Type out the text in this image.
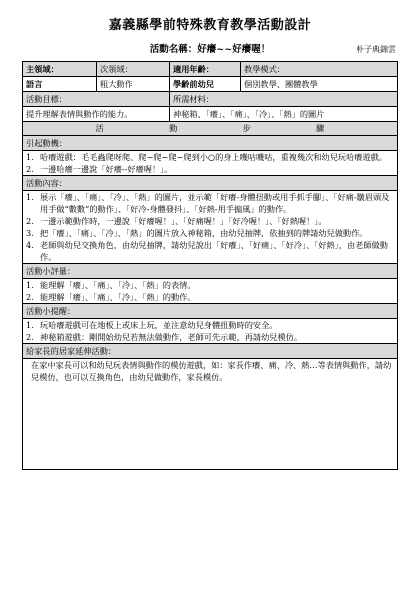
嘉義縣學前特殊教育教學活動設計
活動名稱：好癢~~好癢喔！	朴子典錦雲
主領域：	次領域：	適用年齡：	教學模式：
語言	粗大動作	學齡前幼兒	個別教學、團體教學
活動目標：	所需材料：
提升理解表情與動作的能力。	神秘箱、「癢」、「痛」、「冷」、「熱」的圖片
活	動	步	驟
引起動機：
1. 哈癢遊戲：毛毛蟲爬呀爬、爬~爬~爬~爬到小○的身上嘰咕嘰咕，重複幾次和幼兒玩哈癢遊戲。
2. 一邊哈癢一邊說「好癢--好癢喔！」。
活動內容：
1. 展示「癢」、「痛」、「冷」、「熱」的圖片，並示範「好癢-身體扭動或用手抓手腳」、「好痛-皺眉頭及用手做“數數”的動作」、「好冷-身體發抖」、「好熱-用手搧風」的動作。
2. 一邊示範動作時，一邊說「好癢喔！」、「好痛喔！」「好冷喔！」、「好熱喔！」。
3. 把「癢」、「痛」、「冷」、「熱」的圖片放入神秘箱，由幼兒抽牌，依抽到的牌請幼兒做動作。
4. 老師與幼兒交換角色，由幼兒抽牌，請幼兒說出「好癢」、「好痛」、「好冷」、「好熱」，由老師做動作。
活動小評量：
1. 能理解「癢」、「痛」、「冷」、「熱」的表情。
2. 能理解「癢」、「痛」、「冷」、「熱」的動作。
活動小提醒：
1. 玩哈癢遊戲可在地板上或床上玩，並注意幼兒身體扭動時的安全。
2. 神秘箱遊戲：剛開始幼兒若無法做動作，老師可先示範，再請幼兒模仿。
給家長的居家延伸活動：
在家中家長可以和幼兒玩表情與動作的模仿遊戲，如：家長作癢、痛、冷、熱…等表情與動作，請幼兒模仿，也可以互換角色，由幼兒做動作，家長模仿。
